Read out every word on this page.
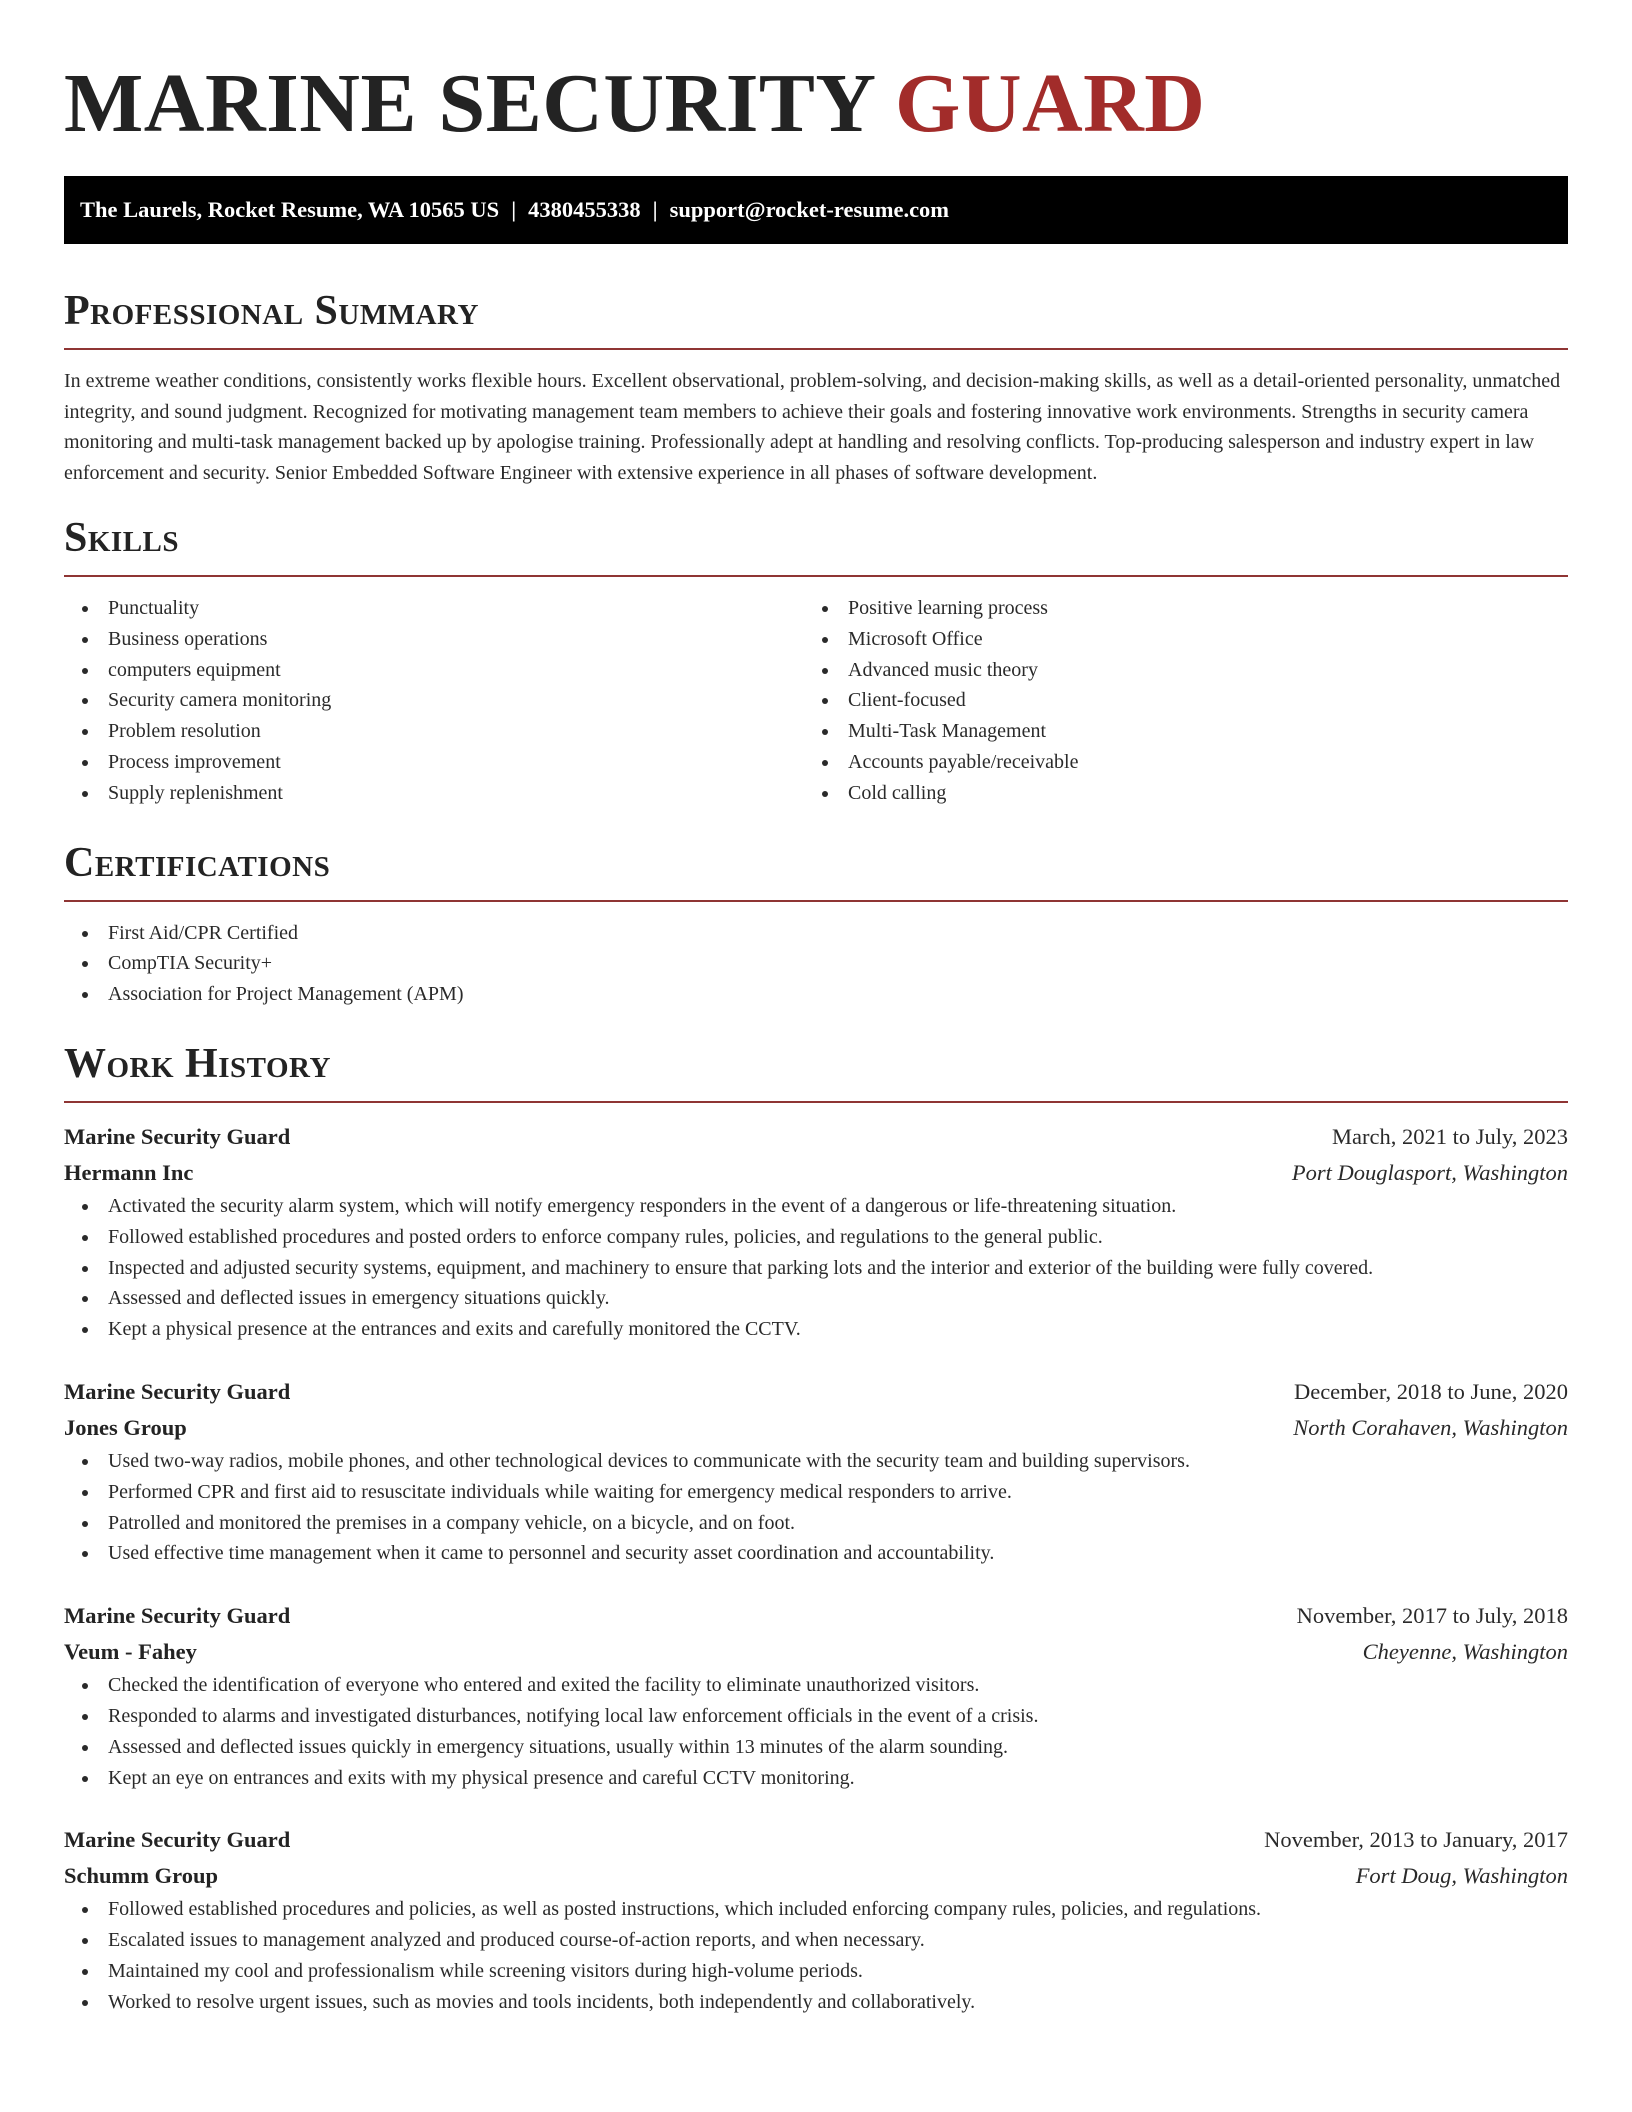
MARINE SECURITY GUARD
The Laurels, Rocket Resume, WA 10565 US | 4380455338 | support@rocket-resume.com
Professional Summary

In extreme weather conditions, consistently works flexible hours. Excellent observational, problem-solving, and decision-making skills, as well as a detail-oriented personality, unmatched integrity, and sound judgment. Recognized for motivating management team members to achieve their goals and fostering innovative work environments. Strengths in security camera monitoring and multi-task management backed up by apologise training. Professionally adept at handling and resolving conflicts. Top-producing salesperson and industry expert in law enforcement and security. Senior Embedded Software Engineer with extensive experience in all phases of software development.

Skills
Punctuality
Business operations
computers equipment
Security camera monitoring
Problem resolution
Process improvement
Supply replenishment
Positive learning process
Microsoft Office
Advanced music theory
Client-focused
Multi-Task Management
Accounts payable/receivable
Cold calling
Certifications
First Aid/CPR Certified
CompTIA Security+
Association for Project Management (APM)
Work History
Marine Security Guard	March, 2021 to July, 2023
Hermann Inc	Port Douglasport, Washington
Activated the security alarm system, which will notify emergency responders in the event of a dangerous or life-threatening situation.
Followed established procedures and posted orders to enforce company rules, policies, and regulations to the general public.
Inspected and adjusted security systems, equipment, and machinery to ensure that parking lots and the interior and exterior of the building were fully covered.
Assessed and deflected issues in emergency situations quickly.
Kept a physical presence at the entrances and exits and carefully monitored the CCTV.
Marine Security Guard	December, 2018 to June, 2020
Jones Group	North Corahaven, Washington
Used two-way radios, mobile phones, and other technological devices to communicate with the security team and building supervisors.
Performed CPR and first aid to resuscitate individuals while waiting for emergency medical responders to arrive.
Patrolled and monitored the premises in a company vehicle, on a bicycle, and on foot.
Used effective time management when it came to personnel and security asset coordination and accountability.
Marine Security Guard	November, 2017 to July, 2018
Veum - Fahey	Cheyenne, Washington
Checked the identification of everyone who entered and exited the facility to eliminate unauthorized visitors.
Responded to alarms and investigated disturbances, notifying local law enforcement officials in the event of a crisis.
Assessed and deflected issues quickly in emergency situations, usually within 13 minutes of the alarm sounding.
Kept an eye on entrances and exits with my physical presence and careful CCTV monitoring.
Marine Security Guard	November, 2013 to January, 2017
Schumm Group	Fort Doug, Washington
Followed established procedures and policies, as well as posted instructions, which included enforcing company rules, policies, and regulations.
Escalated issues to management analyzed and produced course-of-action reports, and when necessary.
Maintained my cool and professionalism while screening visitors during high-volume periods.
Worked to resolve urgent issues, such as movies and tools incidents, both independently and collaboratively.
